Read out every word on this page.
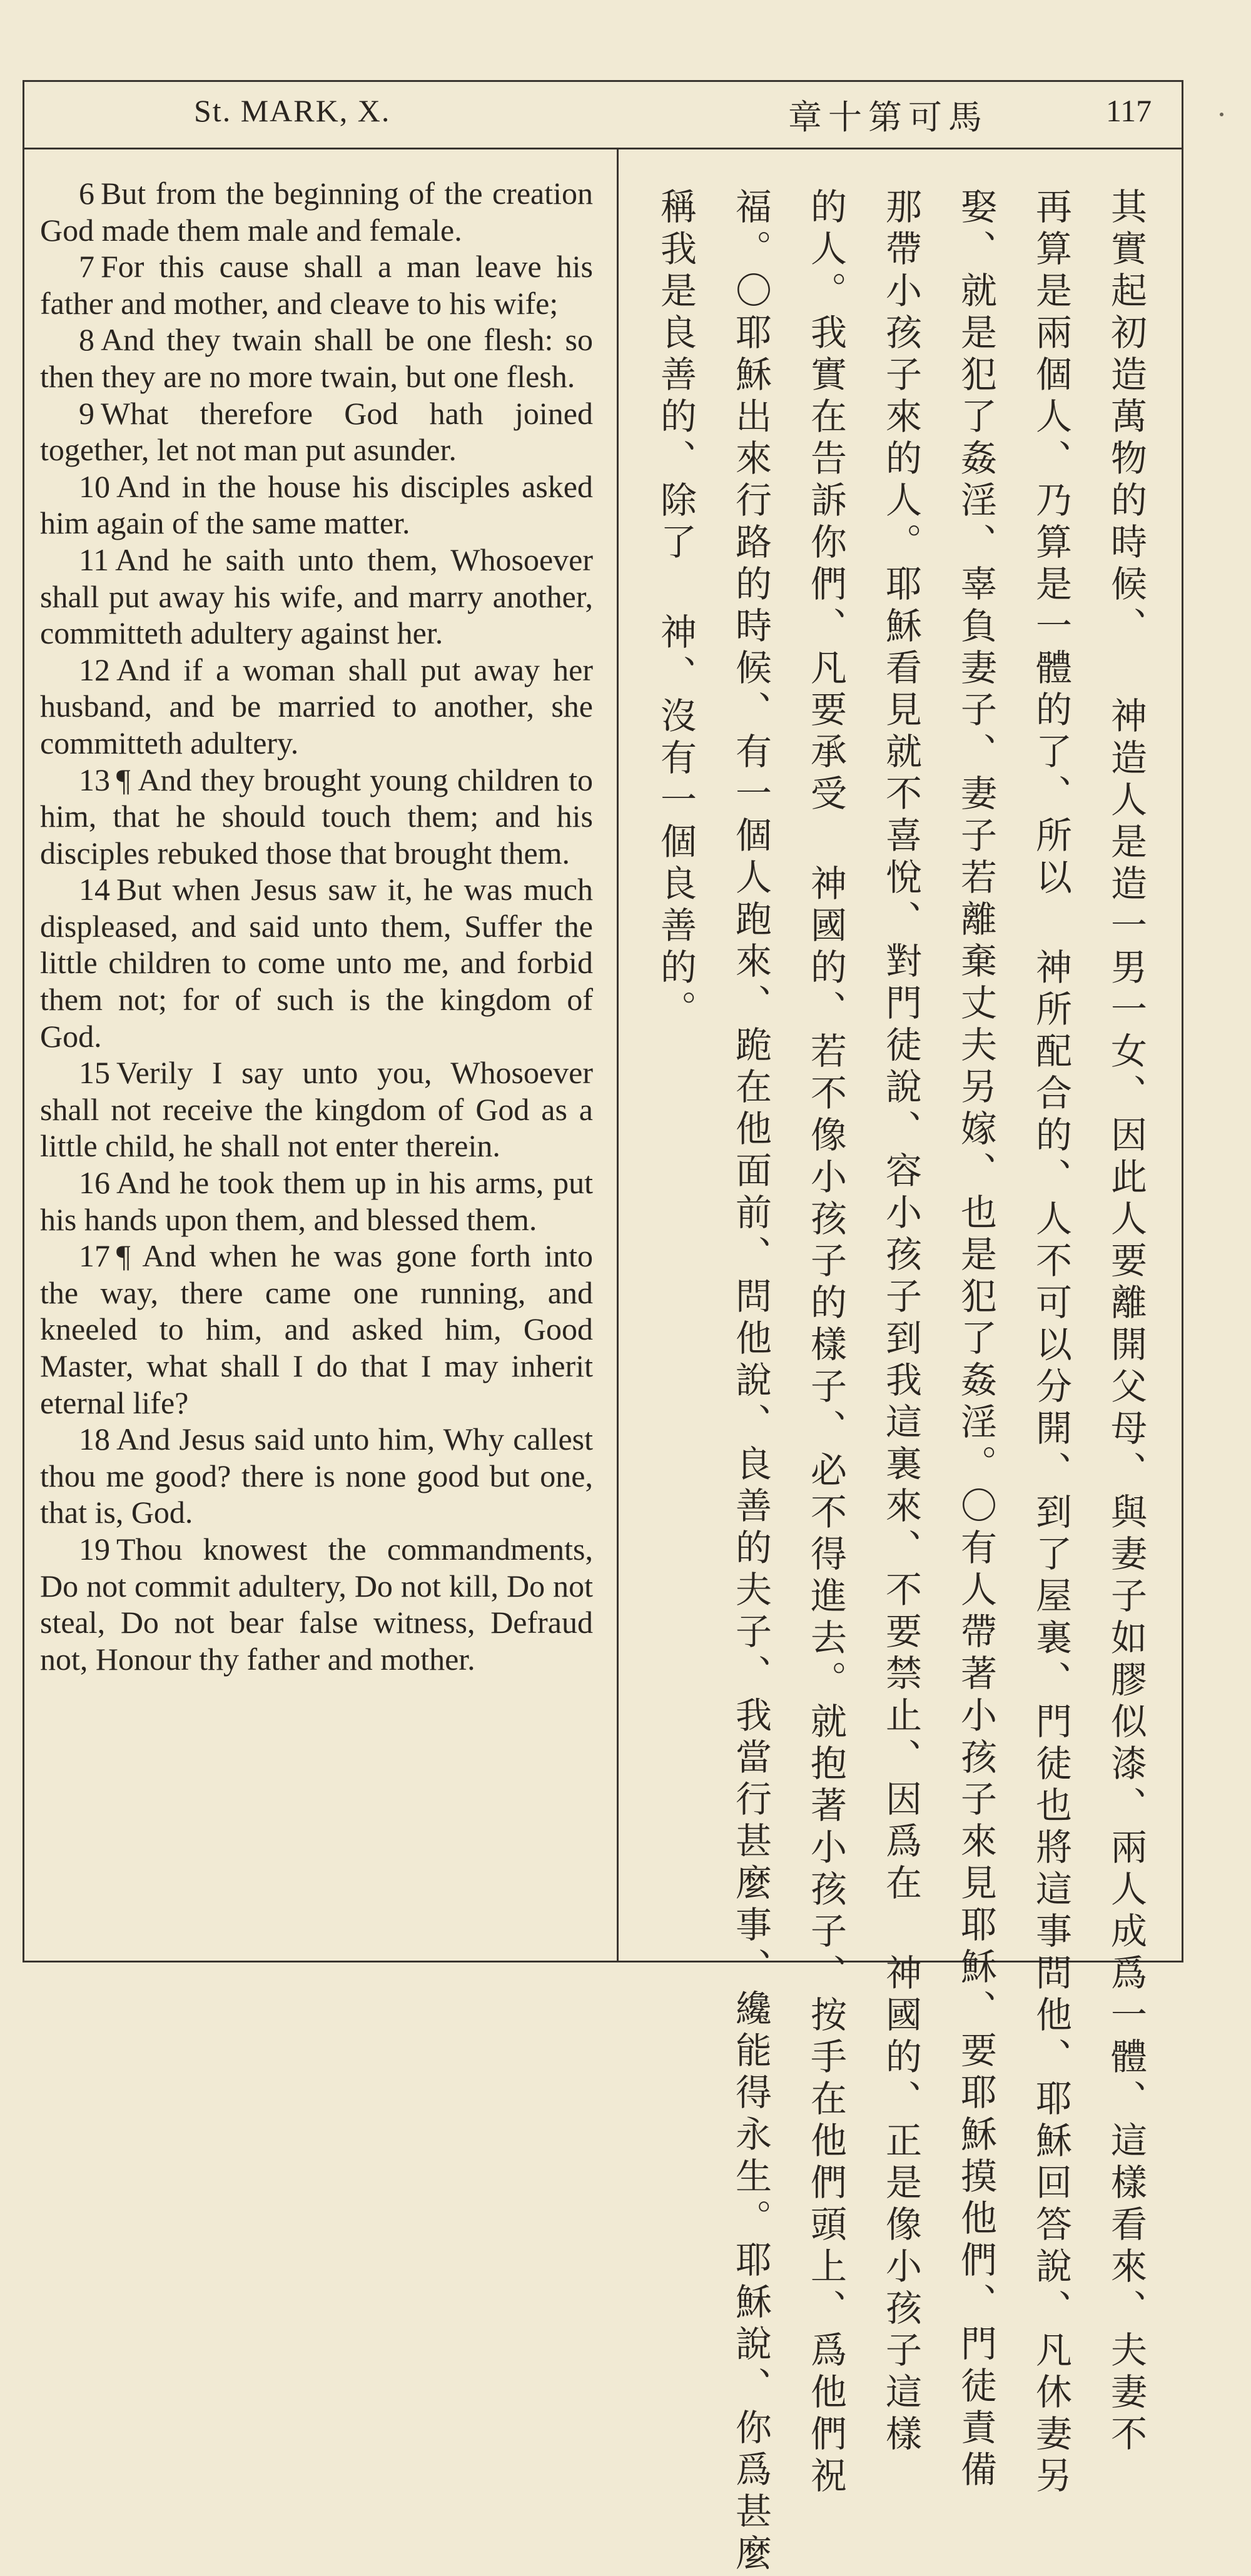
St. MARK, X.	章十第可馬	117

6 But from the beginning of the creation God made them male and female.

7 For this cause shall a man leave his father and mother, and cleave to his wife;

8 And they twain shall be one flesh: so then they are no more twain, but one flesh.

9 What therefore God hath joined together, let not man put asunder.

10 And in the house his disciples asked him again of the same matter.

11 And he saith unto them, Whosoever shall put away his wife, and marry another, committeth adultery against her.

12 And if a woman shall put away her husband, and be married to another, she committeth adultery.

13 ¶ And they brought young children to him, that he should touch them; and his disciples rebuked those that brought them.

14 But when Jesus saw it, he was much displeased, and said unto them, Suffer the little children to come unto me, and forbid them not; for of such is the kingdom of God.

15 Verily I say unto you, Whosoever shall not receive the kingdom of God as a little child, he shall not enter therein.

16 And he took them up in his arms, put his hands upon them, and blessed them.

17 ¶ And when he was gone forth into the way, there came one running, and kneeled to him, and asked him, Good Master, what shall I do that I may inherit eternal life?

18 And Jesus said unto him, Why callest thou me good? there is none good but one, that is, God.

19 Thou knowest the commandments, Do not commit adultery, Do not kill, Do not steal, Do not bear false witness, Defraud not, Honour thy father and mother.	其實起初造萬物的時候、 神造人是造一男一女、因此人要離開父母、與妻子如膠似漆、兩人成爲一體、這樣看來、夫妻不
再算是兩個人、乃算是一體的了、所以 神所配合的、人不可以分開、到了屋裏、門徒也將這事問他、耶穌回答說、凡休妻另
娶、就是犯了姦淫、辜負妻子、妻子若離棄丈夫另嫁、也是犯了姦淫。〇有人帶著小孩子來見耶穌、要耶穌摸他們、門徒責備
那帶小孩子來的人。耶穌看見就不喜悅、對門徒說、容小孩子到我這裏來、不要禁止、因爲在 神國的、正是像小孩子這樣
的人。我實在告訴你們、凡要承受 神國的、若不像小孩子的樣子、必不得進去。就抱著小孩子、按手在他們頭上、爲他們祝
福。〇耶穌出來行路的時候、有一個人跑來、跪在他面前、問他說、良善的夫子、我當行甚麼事、纔能得永生。耶穌說、你爲甚麼
稱我是良善的、除了 神、沒有一個良善的。
